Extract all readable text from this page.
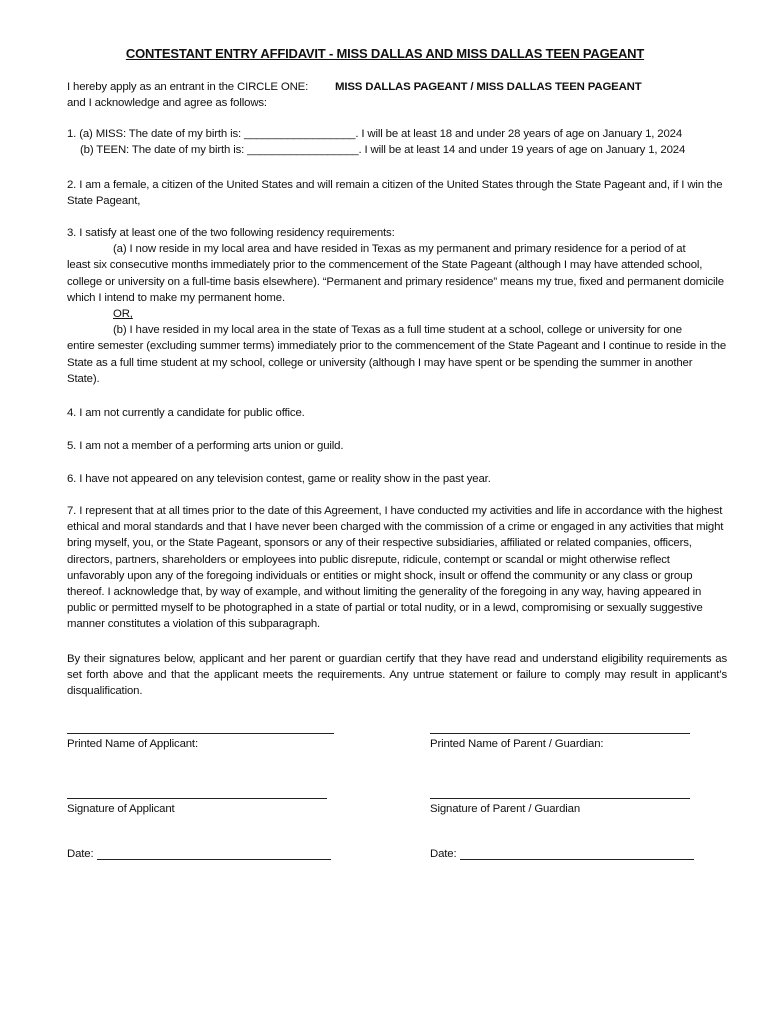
CONTESTANT ENTRY AFFIDAVIT - MISS DALLAS AND MISS DALLAS TEEN PAGEANT
I hereby apply as an entrant in the CIRCLE ONE: MISS DALLAS PAGEANT / MISS DALLAS TEEN PAGEANT
and I acknowledge and agree as follows:
1. (a) MISS: The date of my birth is: __________________. I will be at least 18 and under 28 years of age on January 1, 2024
(b) TEEN: The date of my birth is: __________________. I will be at least 14 and under 19 years of age on January 1, 2024
2. I am a female, a citizen of the United States and will remain a citizen of the United States through the State Pageant and, if I win the State Pageant,
3. I satisfy at least one of the two following residency requirements:
(a) I now reside in my local area and have resided in Texas as my permanent and primary residence for a period of at
least six consecutive months immediately prior to the commencement of the State Pageant (although I may have attended school, college or university on a full-time basis elsewhere). “Permanent and primary residence” means my true, fixed and permanent domicile which I intend to make my permanent home.
OR,
(b) I have resided in my local area in the state of Texas as a full time student at a school, college or university for one
entire semester (excluding summer terms) immediately prior to the commencement of the State Pageant and I continue to reside in the State as a full time student at my school, college or university (although I may have spent or be spending the summer in another State).
4. I am not currently a candidate for public office.
5. I am not a member of a performing arts union or guild.
6. I have not appeared on any television contest, game or reality show in the past year.
7. I represent that at all times prior to the date of this Agreement, I have conducted my activities and life in accordance with the highest ethical and moral standards and that I have never been charged with the commission of a crime or engaged in any activities that might bring myself, you, or the State Pageant, sponsors or any of their respective subsidiaries, affiliated or related companies, officers, directors, partners, shareholders or employees into public disrepute, ridicule, contempt or scandal or might otherwise reflect unfavorably upon any of the foregoing individuals or entities or might shock, insult or offend the community or any class or group thereof. I acknowledge that, by way of example, and without limiting the generality of the foregoing in any way, having appeared in public or permitted myself to be photographed in a state of partial or total nudity, or in a lewd, compromising or sexually suggestive manner constitutes a violation of this subparagraph.
By their signatures below, applicant and her parent or guardian certify that they have read and understand eligibility requirements as set forth above and that the applicant meets the requirements. Any untrue statement or failure to comply may result in applicant’s disqualification.
Printed Name of Applicant:	Printed Name of Parent / Guardian:
Signature of Applicant	Signature of Parent / Guardian
Date:	Date:
